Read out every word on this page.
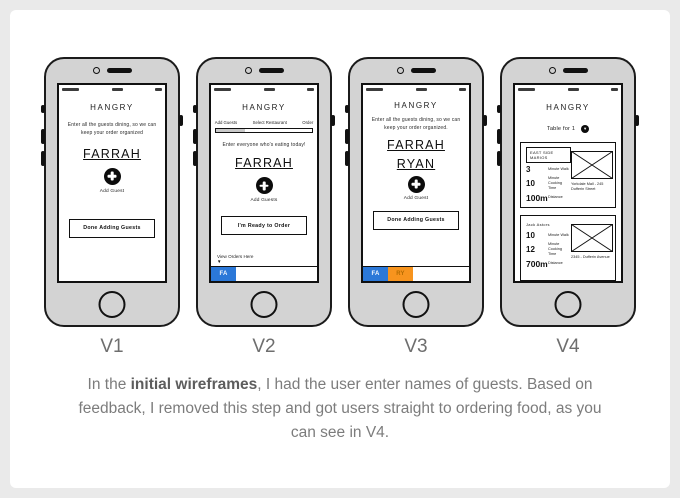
HANGRY
Enter all the guests dining, so we can keep your order organized
FARRAH
Add Guest
Done Adding Guests
HANGRY
Add Guests	Select Restaurant	Order
Enter everyone who's eating today!
FARRAH
Add Guests
I'm Ready to Order
View Orders Here
▼
FA
HANGRY
Enter all the guests dining, so we can keep your order organized.
FARRAH
RYAN
Add Guest
Done Adding Guests
FA	RY
HANGRY
Table for 1 ▼
EAST SIDE MARIOS
3	Minute Walk
10
Minute Cooking Time
100m Distance
Yorkdale Mall - 245 Dufferin Street
Jack Astors
10	Minute Walk
12
Minute Cooking Time
700m Distance
2345 - Dufferin Avenue
V1	V2	V3	V4

In the initial wireframes, I had the user enter names of guests. Based on feedback, I removed this step and got users straight to ordering food, as you can see in V4.
